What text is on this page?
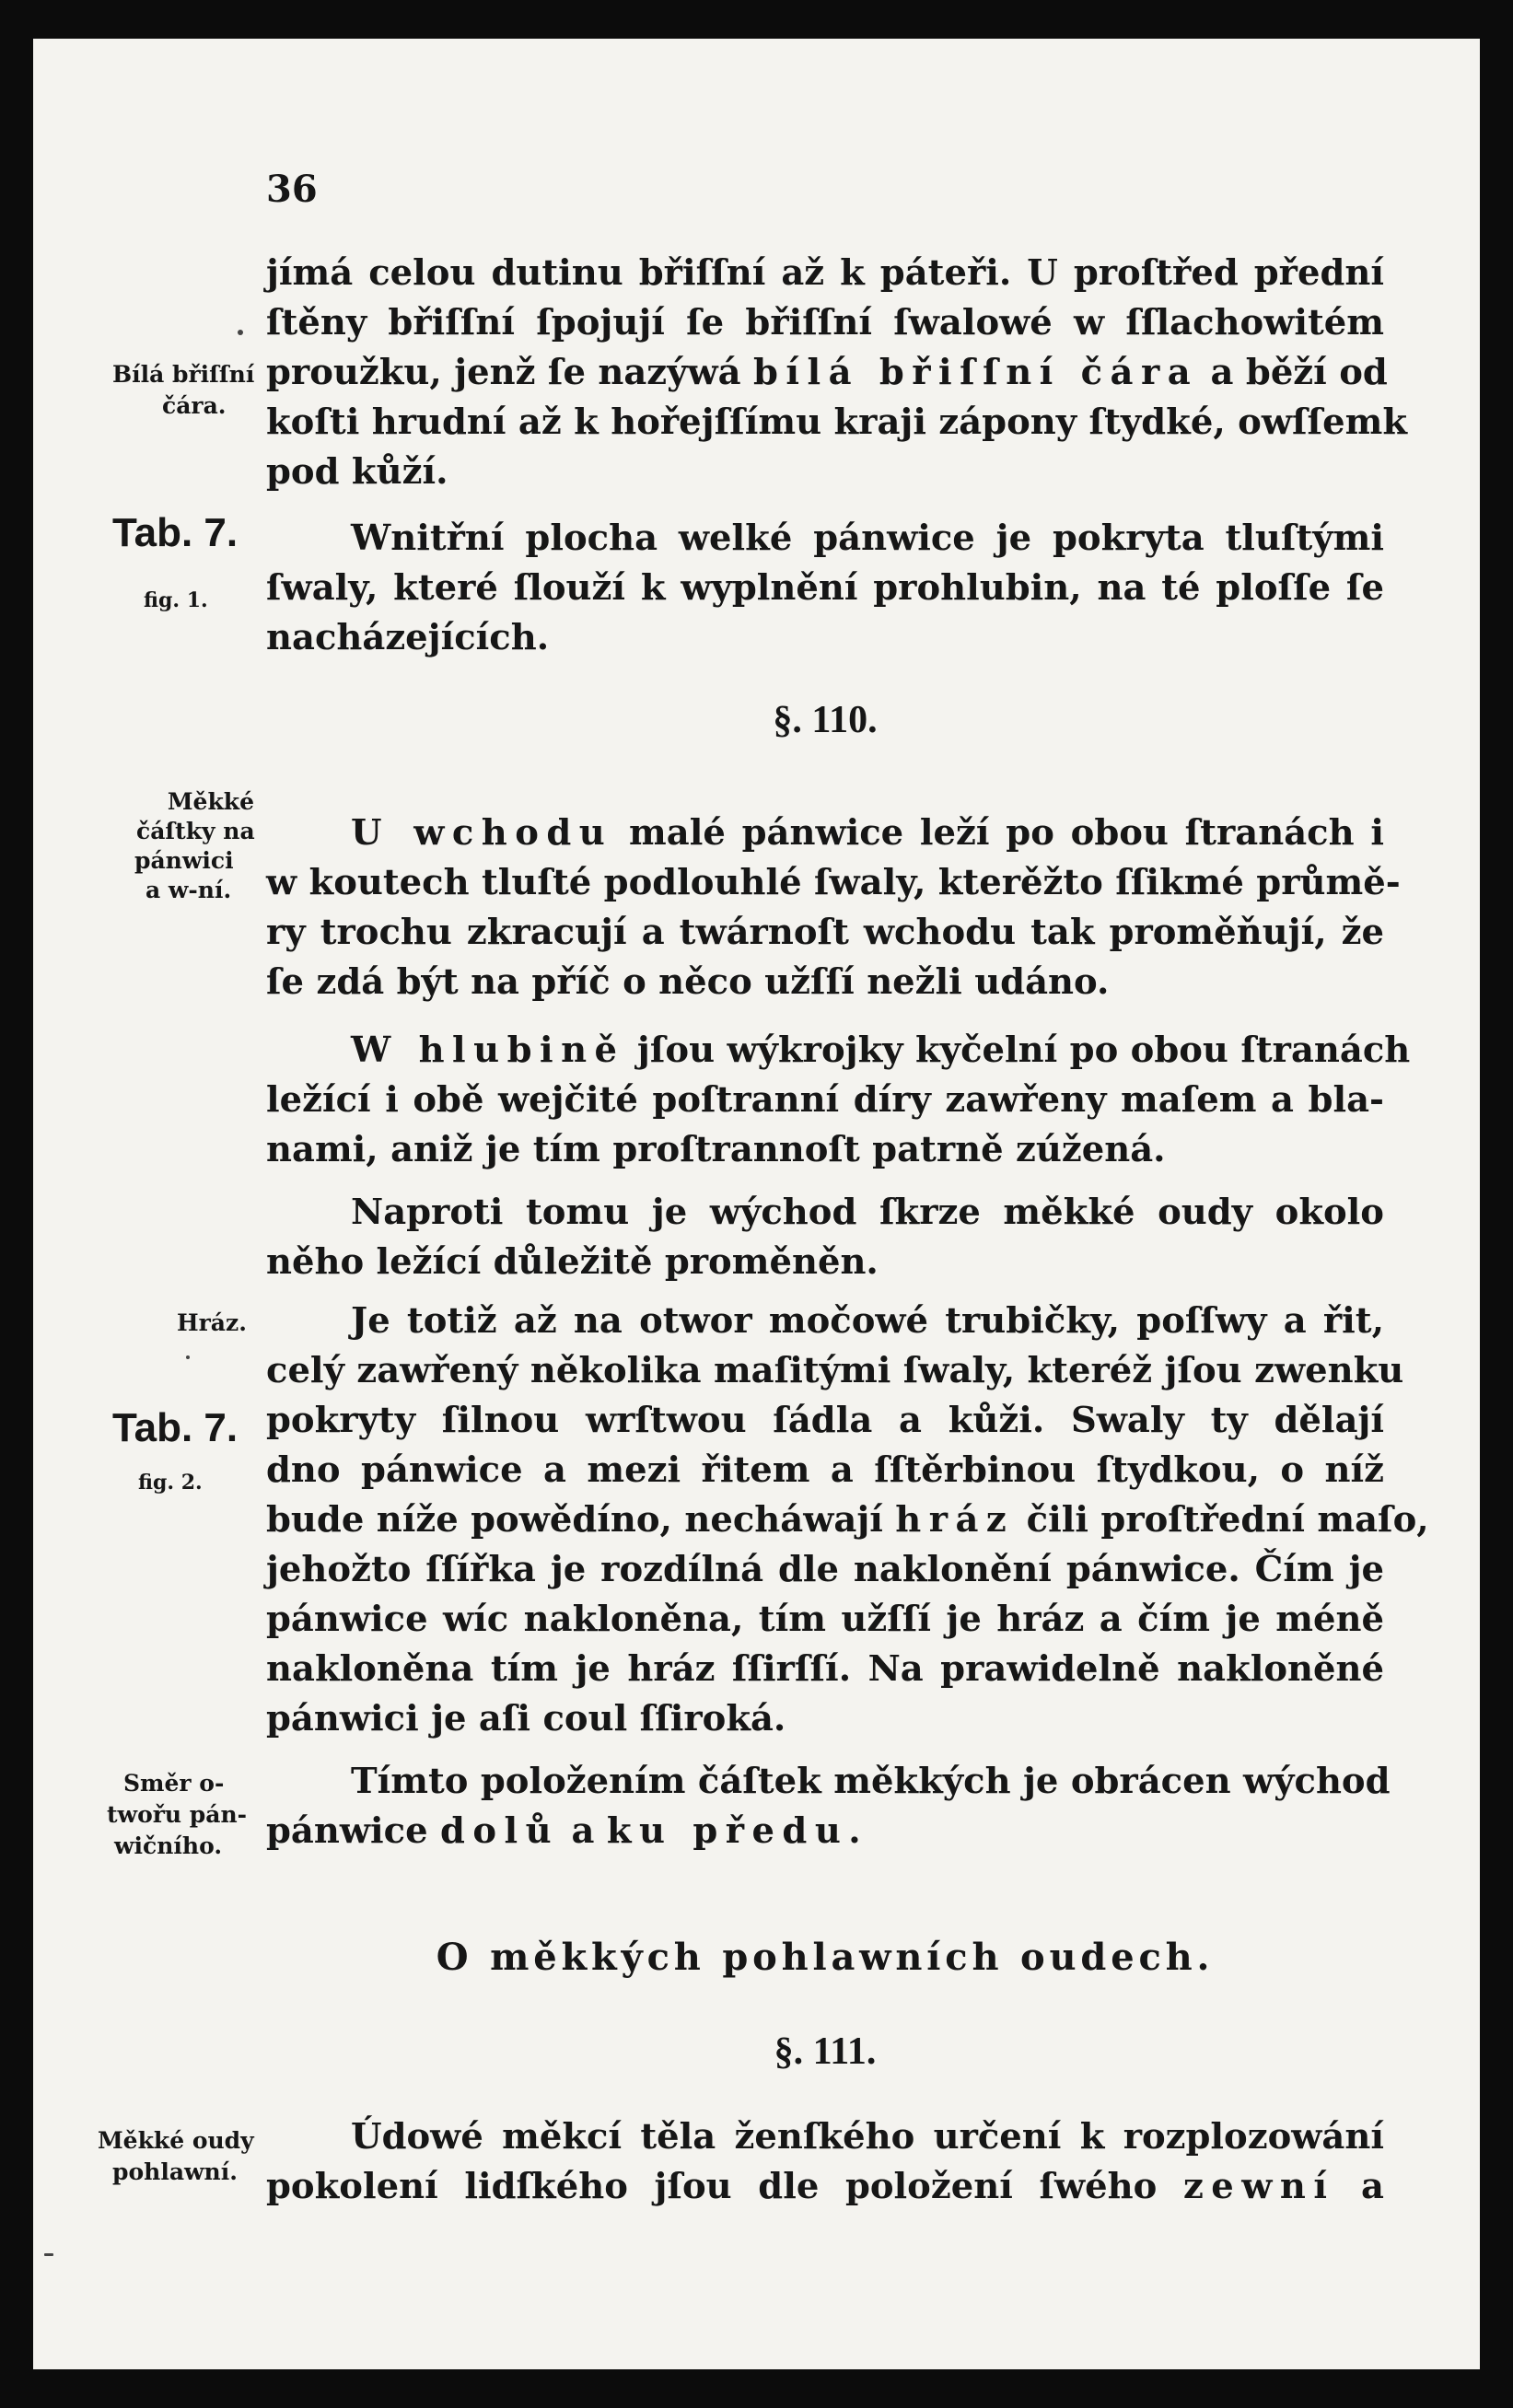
36
jímá celou dutinu břiſſní až k páteři. U proſtřed přední
ſtěny břiſſní ſpojují ſe břiſſní ſwalowé w ſſlachowitém
proužku, jenž ſe nazýwá bílá břiſſní čára a běží od
koſti hrudní až k hořejſſímu kraji zápony ſtydké, owſſemk
pod kůží.
Bílá břiſſní
čára.
Tab. 7.
fig. 1.
Wnitřní plocha welké pánwice je pokryta tluſtými
ſwaly, které ſlouží k wyplnění prohlubin, na té ploſſe ſe
nacházejících.
§. 110.
Měkké
čáſtky na
pánwici
a w-ní.
U wchodu malé pánwice leží po obou ſtranách i
w koutech tluſté podlouhlé ſwaly, kterěžto ſſikmé průmě-
ry trochu zkracují a twárnoſt wchodu tak proměňují, že
ſe zdá být na příč o něco užſſí nežli udáno.
W hlubině jſou wýkrojky kyčelní po obou ſtranách
ležící i obě wejčité poſtranní díry zawřeny maſem a bla-
nami, aniž je tím proſtrannoſt patrně zúžená.
Naproti tomu je wýchod ſkrze měkké oudy okolo
něho ležící důležitě proměněn.
Hráz.
Tab. 7.
fig. 2.
Je totiž až na otwor močowé trubičky, poſſwy a řit,
celý zawřený několika maſitými ſwaly, kteréž jſou zwenku
pokryty ſilnou wrſtwou ſádla a kůži. Swaly ty dělají
dno pánwice a mezi řitem a ſſtěrbinou ſtydkou, o níž
bude níže powědíno, necháwají hráz čili proſtřední maſo,
jehožto ſſířka je rozdílná dle naklonění pánwice. Čím je
pánwice wíc nakloněna, tím užſſí je hráz a čím je méně
nakloněna tím je hráz ſſirſſí. Na prawidelně nakloněné
pánwici je aſi coul ſſiroká.
Směr o-
twořu pán-
wičního.
Tímto položením čáſtek měkkých je obrácen wýchod
pánwice dolů a ku předu.
O měkkých pohlawních oudech.
§. 111.
Měkké oudy
pohlawní.
Údowé měkcí těla ženſkého určení k rozplozowání
pokolení lidſkého jſou dle položení ſwého zewní a
